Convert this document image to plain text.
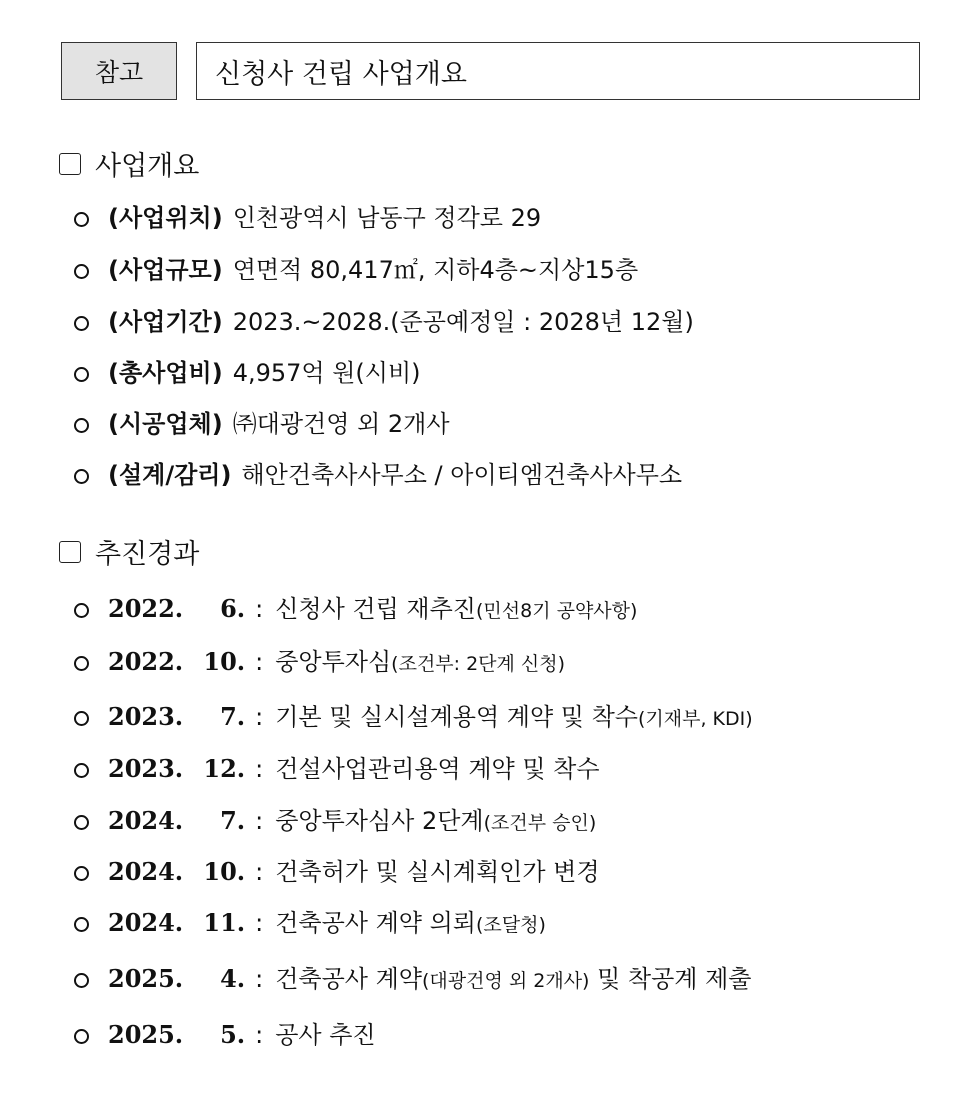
참고	신청사 건립 사업개요
사업개요
(사업위치) 인천광역시 남동구 정각로 29
(사업규모) 연면적 80,417㎡, 지하4층~지상15층
(사업기간) 2023.~2028.(준공예정일 : 2028년 12월)
(총사업비) 4,957억 원(시비)
(시공업체) ㈜대광건영 외 2개사
(설계/감리) 해안건축사사무소 / 아이티엠건축사사무소
추진경과
2022. 6. : 신청사 건립 재추진 (민선8기 공약사항)
2022. 10. : 중앙투자심 (조건부: 2단계 신청)
2023. 7. : 기본 및 실시설계용역 계약 및 착수 (기재부, KDI)
2023. 12. : 건설사업관리용역 계약 및 착수
2024. 7. : 중앙투자심사 2단계 (조건부 승인)
2024. 10. : 건축허가 및 실시계획인가 변경
2024. 11. : 건축공사 계약 의뢰 (조달청)
2025. 4. : 건축공사 계약 (대광건영 외 2개사) 및 착공계 제출
2025. 5. : 공사 추진
